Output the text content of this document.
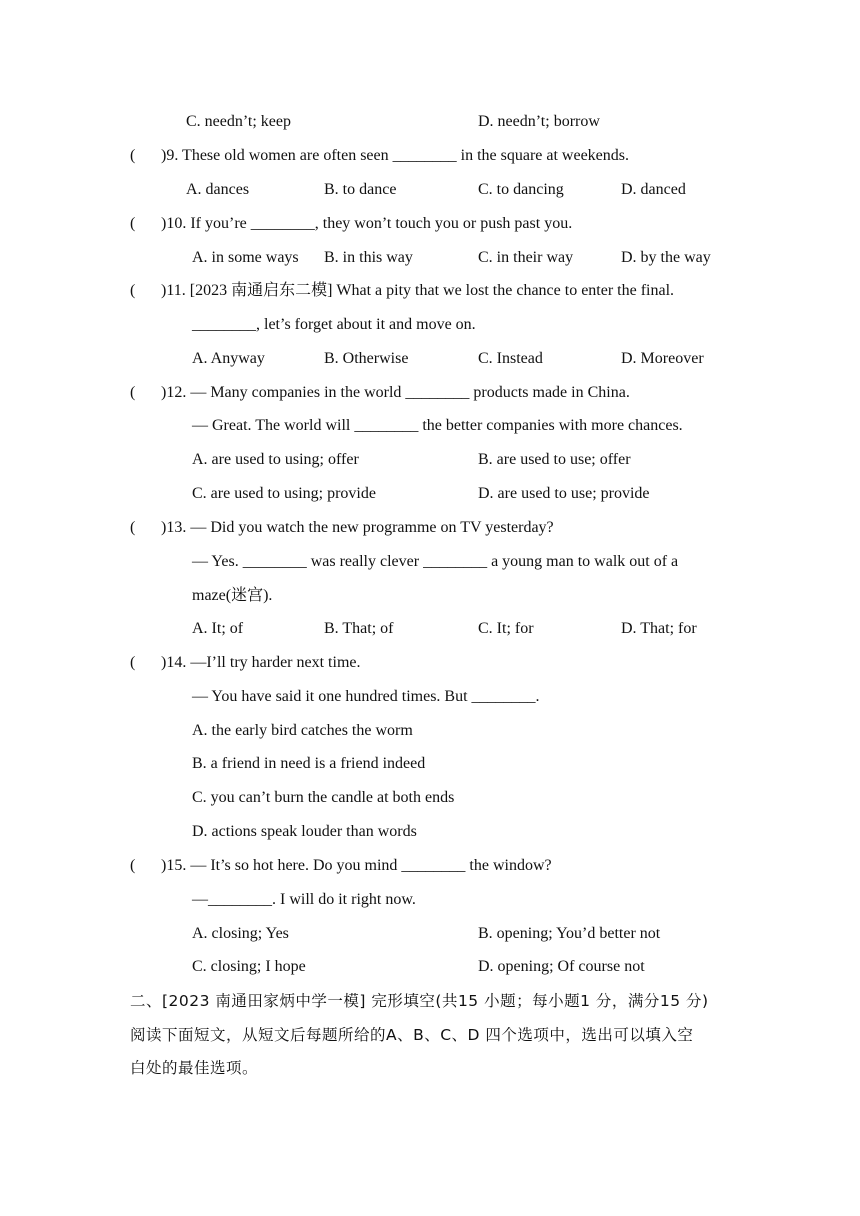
C. needn’t; keep	D. needn’t; borrow
( )9. These old women are often seen ________ in the square at weekends.
A. dances	B. to dance	C. to dancing	D. danced
( )10. If you’re ________, they won’t touch you or push past you.
A. in some ways B. in this way	C. in their way	D. by the way
( )11. [2023 南通启东二模] What a pity that we lost the chance to enter the final.
________, let’s forget about it and move on.
A. Anyway	B. Otherwise	C. Instead	D. Moreover
( )12. — Many companies in the world ________ products made in China.
— Great. The world will ________ the better companies with more chances.
A. are used to using; offer	B. are used to use; offer
C. are used to using; provide	D. are used to use; provide
( )13. — Did you watch the new programme on TV yesterday?
— Yes. ________ was really clever ________ a young man to walk out of a
maze(迷宫).
A. It; of	B. That; of	C. It; for	D. That; for
( )14. —I’ll try harder next time.
— You have said it one hundred times. But ________.
A. the early bird catches the worm
B. a friend in need is a friend indeed
C. you can’t burn the candle at both ends
D. actions speak louder than words
( )15. — It’s so hot here. Do you mind ________ the window?
—________. I will do it right now.
A. closing; Yes	B. opening; You’d better not
C. closing; I hope	D. opening; Of course not
二、[2023 南通田家炳中学一模] 完形填空(共15 小题；每小题1 分，满分15 分)
阅读下面短文，从短文后每题所给的A、B、C、D 四个选项中，选出可以填入空
白处的最佳选项。
